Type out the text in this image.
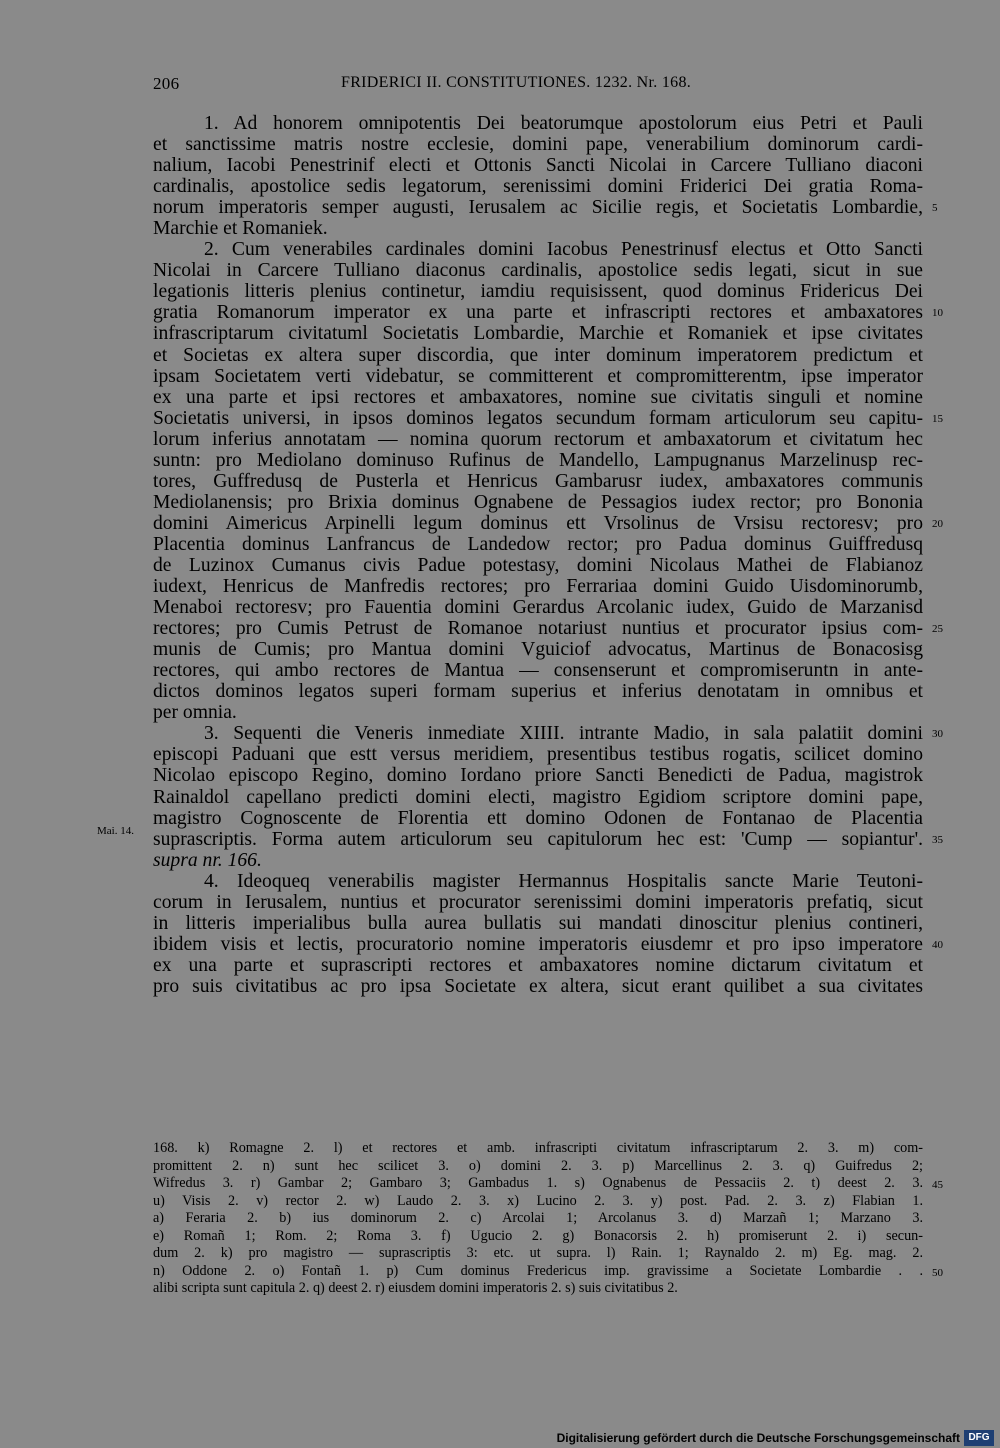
206	FRIDERICI II. CONSTITUTIONES. 1232. Nr. 168.
1. Ad honorem omnipotentis Dei beatorumque apostolorum eius Petri et Pauli
et sanctissime matris nostre ecclesie, domini pape, venerabilium dominorum cardi-
nalium, Iacobi Penestrinif electi et Ottonis Sancti Nicolai in Carcere Tulliano diaconi
cardinalis, apostolice sedis legatorum, serenissimi domini Friderici Dei gratia Roma-
norum imperatoris semper augusti, Ierusalem ac Sicilie regis, et Societatis Lombardie,
Marchie et Romaniek.
2. Cum venerabiles cardinales domini Iacobus Penestrinusf electus et Otto Sancti
Nicolai in Carcere Tulliano diaconus cardinalis, apostolice sedis legati, sicut in sue
legationis litteris plenius continetur, iamdiu requisissent, quod dominus Fridericus Dei
gratia Romanorum imperator ex una parte et infrascripti rectores et ambaxatores
infrascriptarum civitatuml Societatis Lombardie, Marchie et Romaniek et ipse civitates
et Societas ex altera super discordia, que inter dominum imperatorem predictum et
ipsam Societatem verti videbatur, se committerent et compromitterentm, ipse imperator
ex una parte et ipsi rectores et ambaxatores, nomine sue civitatis singuli et nomine
Societatis universi, in ipsos dominos legatos secundum formam articulorum seu capitu-
lorum inferius annotatam — nomina quorum rectorum et ambaxatorum et civitatum hec
suntn: pro Mediolano dominuso Rufinus de Mandello, Lampugnanus Marzelinusp rec-
tores, Guffredusq de Pusterla et Henricus Gambarusr iudex, ambaxatores communis
Mediolanensis; pro Brixia dominus Ognabene de Pessagios iudex rector; pro Bononia
domini Aimericus Arpinelli legum dominus ett Vrsolinus de Vrsisu rectoresv; pro
Placentia dominus Lanfrancus de Landedow rector; pro Padua dominus Guiffredusq
de Luzinox Cumanus civis Padue potestasy, domini Nicolaus Mathei de Flabianoz
iudext, Henricus de Manfredis rectores; pro Ferrariaa domini Guido Uisdominorumb,
Menaboi rectoresv; pro Fauentia domini Gerardus Arcolanic iudex, Guido de Marzanisd
rectores; pro Cumis Petrust de Romanoe notariust nuntius et procurator ipsius com-
munis de Cumis; pro Mantua domini Vguiciof advocatus, Martinus de Bonacosisg
rectores, qui ambo rectores de Mantua — consenserunt et compromiseruntn in ante-
dictos dominos legatos superi formam superius et inferius denotatam in omnibus et
per omnia.
3. Sequenti die Veneris inmediate XIIII. intrante Madio, in sala palatiit domini
episcopi Paduani que estt versus meridiem, presentibus testibus rogatis, scilicet domino
Nicolao episcopo Regino, domino Iordano priore Sancti Benedicti de Padua, magistrok
Rainaldol capellano predicti domini electi, magistro Egidiom scriptore domini pape,
magistro Cognoscente de Florentia ett domino Odonen de Fontanao de Placentia
suprascriptis. Forma autem articulorum seu capitulorum hec est: 'Cump — sopiantur'.
supra nr. 166.
4. Ideoqueq venerabilis magister Hermannus Hospitalis sancte Marie Teutoni-
corum in Ierusalem, nuntius et procurator serenissimi domini imperatoris prefatiq, sicut
in litteris imperialibus bulla aurea bullatis sui mandati dinoscitur plenius contineri,
ibidem visis et lectis, procuratorio nomine imperatoris eiusdemr et pro ipso imperatore
ex una parte et suprascripti rectores et ambaxatores nomine dictarum civitatum et
pro suis civitatibus ac pro ipsa Societate ex altera, sicut erant quilibet a sua civitates
5
10
15
20
25
30
35
40
Mai. 14.
168. k) Romagne 2. l) et rectores et amb. infrascripti civitatum infrascriptarum 2. 3. m) com-
promittent 2. n) sunt hec scilicet 3. o) domini 2. 3. p) Marcellinus 2. 3. q) Guifredus 2;
Wifredus 3. r) Gambar 2; Gambaro 3; Gambadus 1. s) Ognabenus de Pessaciis 2. t) deest 2. 3.
u) Visis 2. v) rector 2. w) Laudo 2. 3. x) Lucino 2. 3. y) post. Pad. 2. 3. z) Flabian 1.
a) Feraria 2. b) ius dominorum 2. c) Arcolai 1; Arcolanus 3. d) Marzañ 1; Marzano 3.
e) Romañ 1; Rom. 2; Roma 3. f) Ugucio 2. g) Bonacorsis 2. h) promiserunt 2. i) secun-
dum 2. k) pro magistro — suprascriptis 3: etc. ut supra. l) Rain. 1; Raynaldo 2. m) Eg. mag. 2.
n) Oddone 2. o) Fontañ 1. p) Cum dominus Fredericus imp. gravissime a Societate Lombardie . .
alibi scripta sunt capitula 2. q) deest 2. r) eiusdem domini imperatoris 2. s) suis civitatibus 2.
45
50
Digitalisierung gefördert durch die Deutsche Forschungsgemeinschaft DFG
